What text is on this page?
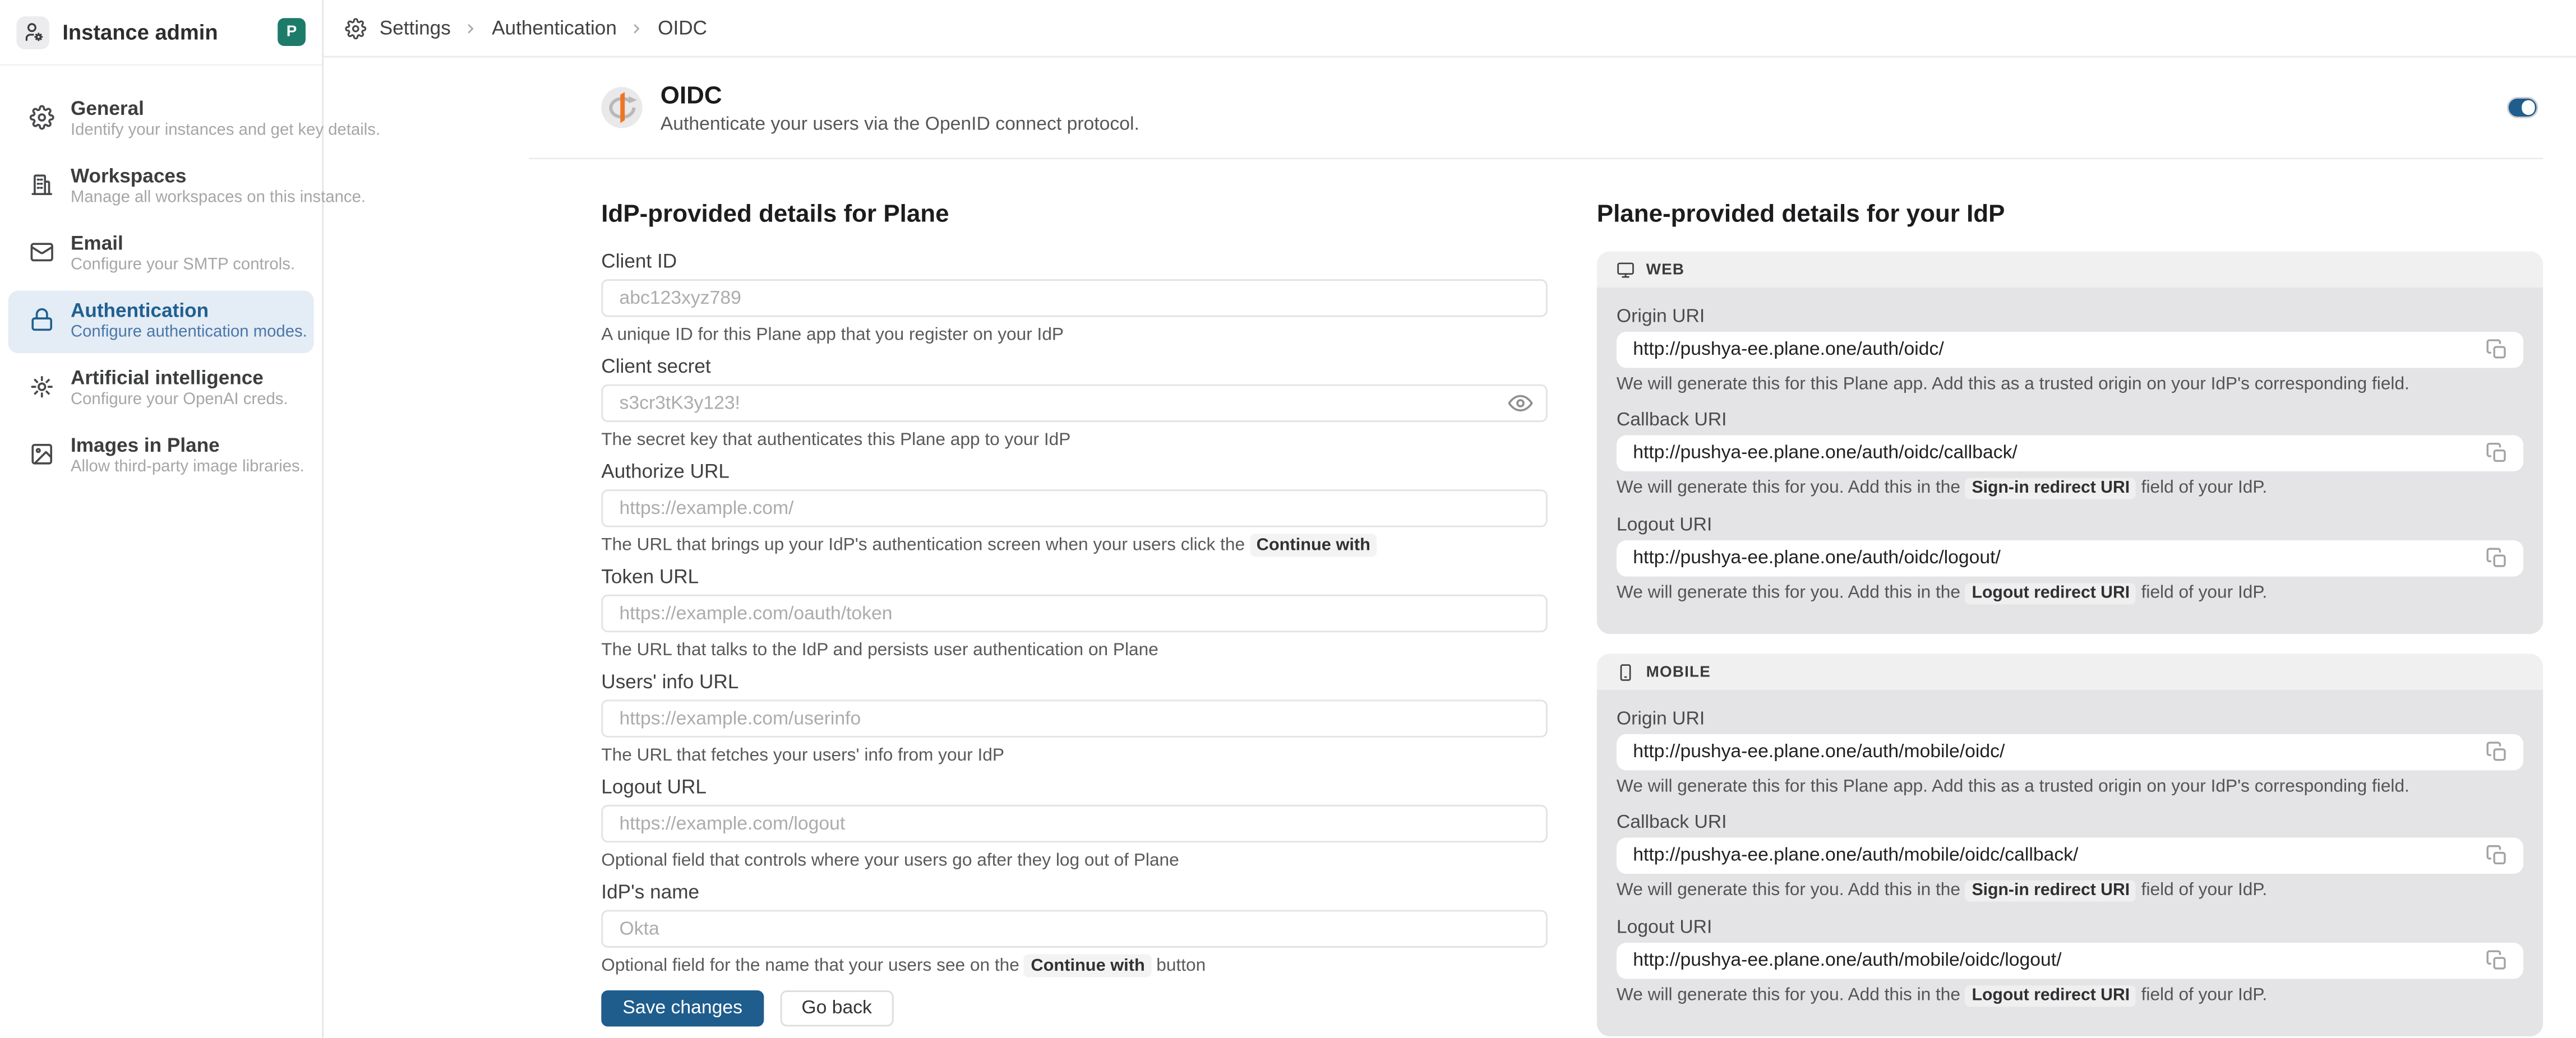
Instance admin	P
General
Identify your instances and get key details.
Workspaces
Manage all workspaces on this instance.
Email
Configure your SMTP controls.
Authentication
Configure authentication modes.
Artificial intelligence
Configure your OpenAI creds.
Images in Plane
Allow third-party image libraries.
Settings	Authentication	OIDC
OIDC
Authenticate your users via the OpenID connect protocol.
IdP-provided details for Plane
Client ID
abc123xyz789
A unique ID for this Plane app that you register on your IdP
Client secret
s3cr3tK3y123!
The secret key that authenticates this Plane app to your IdP
Authorize URL
https://example.com/
The URL that brings up your IdP's authentication screen when your users click the Continue with
Token URL
https://example.com/oauth/token
The URL that talks to the IdP and persists user authentication on Plane
Users' info URL
https://example.com/userinfo
The URL that fetches your users' info from your IdP
Logout URL
https://example.com/logout
Optional field that controls where your users go after they log out of Plane
IdP's name
Okta
Optional field for the name that your users see on the Continue with button
Save changes	Go back
Plane-provided details for your IdP
WEB
Origin URI
http://pushya-ee.plane.one/auth/oidc/
We will generate this for this Plane app. Add this as a trusted origin on your IdP's corresponding field.
Callback URI
http://pushya-ee.plane.one/auth/oidc/callback/
We will generate this for you. Add this in the Sign-in redirect URI field of your IdP.
Logout URI
http://pushya-ee.plane.one/auth/oidc/logout/
We will generate this for you. Add this in the Logout redirect URI field of your IdP.
MOBILE
Origin URI
http://pushya-ee.plane.one/auth/mobile/oidc/
We will generate this for this Plane app. Add this as a trusted origin on your IdP's corresponding field.
Callback URI
http://pushya-ee.plane.one/auth/mobile/oidc/callback/
We will generate this for you. Add this in the Sign-in redirect URI field of your IdP.
Logout URI
http://pushya-ee.plane.one/auth/mobile/oidc/logout/
We will generate this for you. Add this in the Logout redirect URI field of your IdP.
